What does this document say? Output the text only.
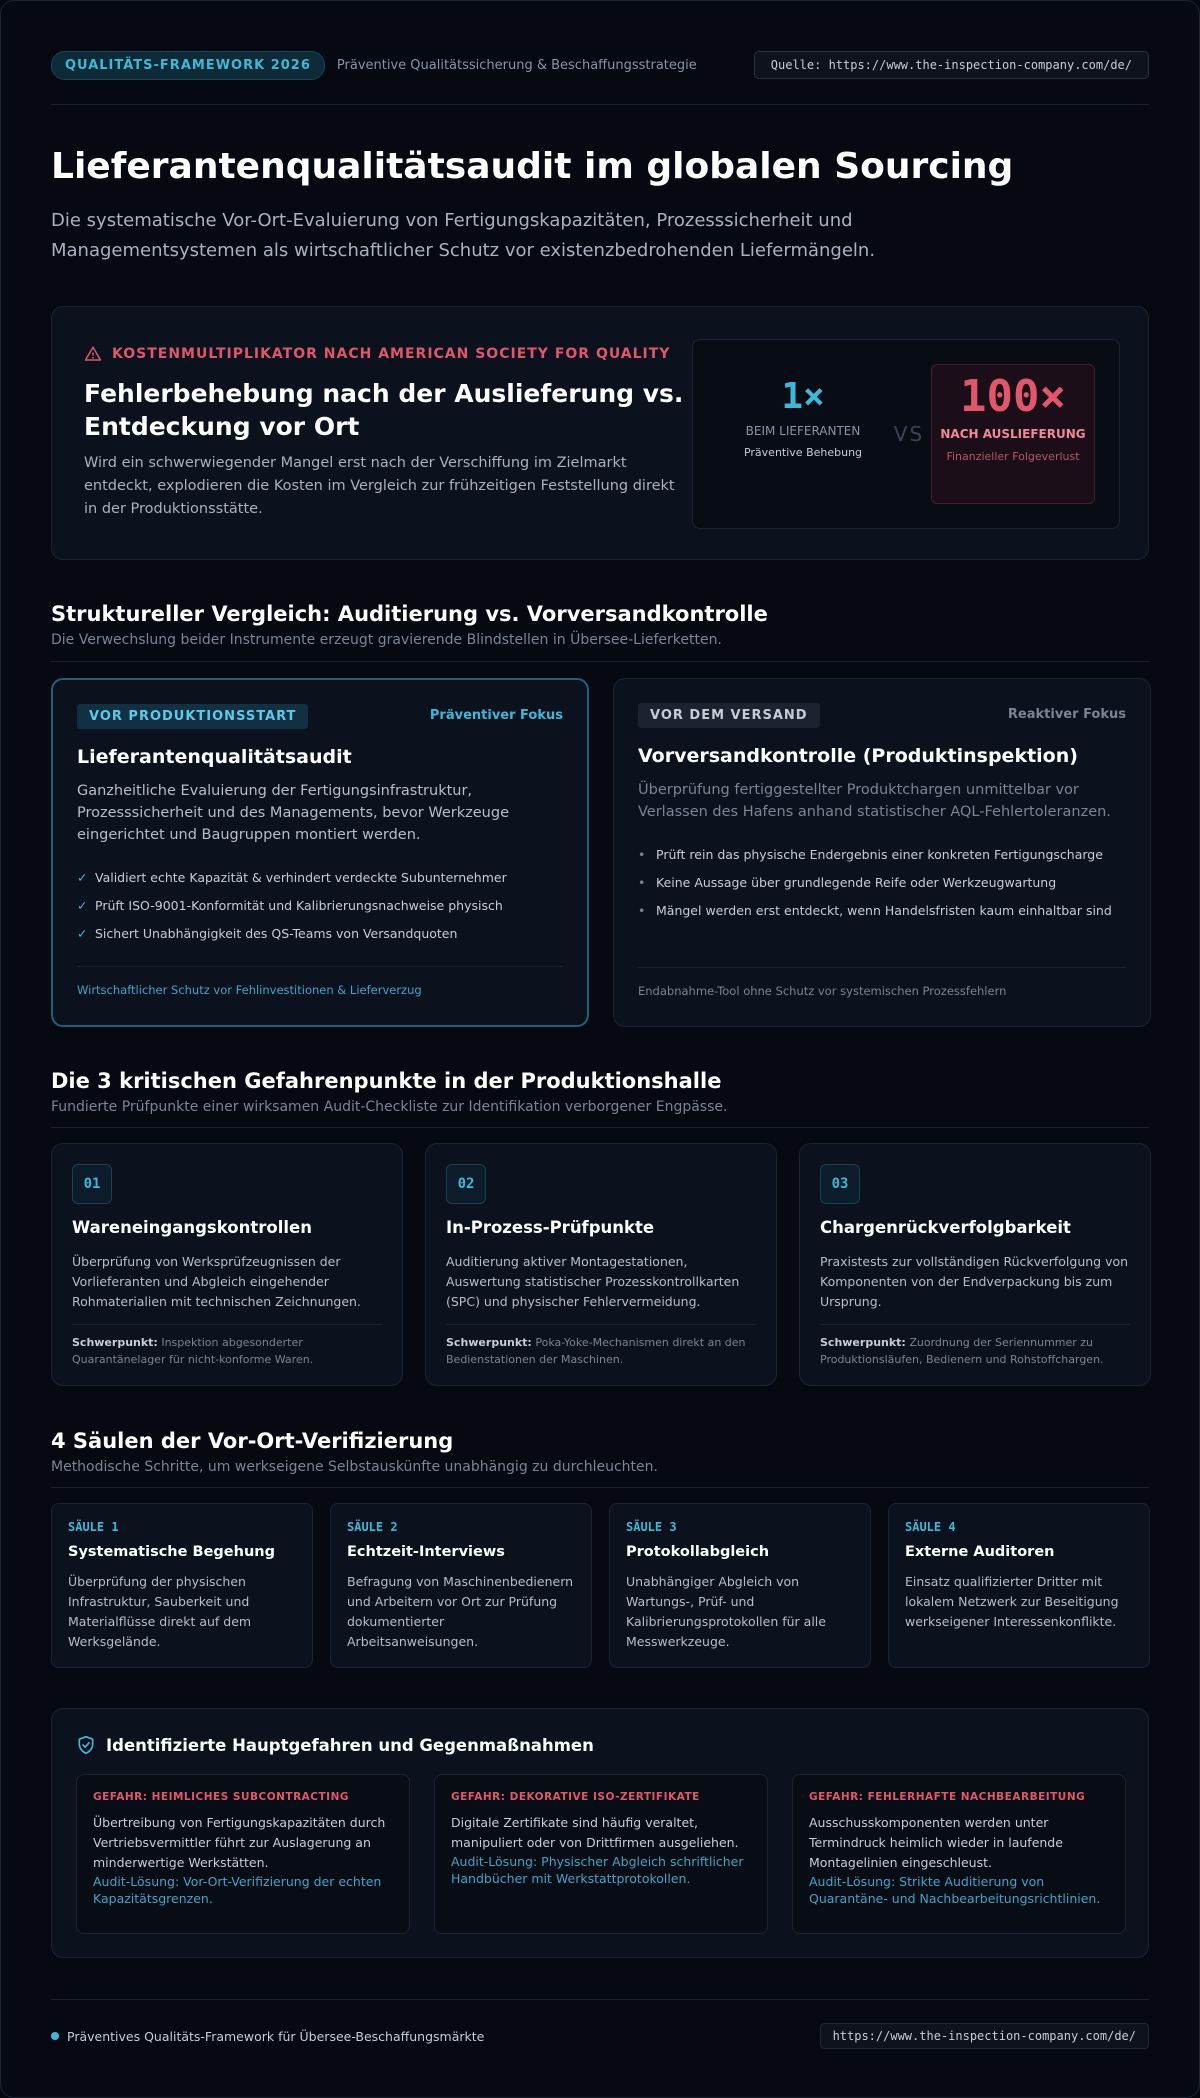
QUALITÄTS-FRAMEWORK 2026	Präventive Qualitätssicherung & Beschaffungsstrategie	Quelle: https://www.the-inspection-company.com/de/
Lieferantenqualitätsaudit im globalen Sourcing
Die systematische Vor-Ort-Evaluierung von Fertigungskapazitäten, Prozesssicherheit und Managementsystemen als wirtschaftlicher Schutz vor existenzbedrohenden Liefermängeln.
KOSTENMULTIPLIKATOR NACH AMERICAN SOCIETY FOR QUALITY
Fehlerbehebung nach der Auslieferung vs. Entdeckung vor Ort

Wird ein schwerwiegender Mangel erst nach der Verschiffung im Zielmarkt entdeckt, explodieren die Kosten im Vergleich zur frühzeitigen Feststellung direkt in der Produktionsstätte.

1×
BEIM LIEFERANTEN
Präventive Behebung
VS
100×
NACH AUSLIEFERUNG
Finanzieller Folgeverlust
Struktureller Vergleich: Auditierung vs. Vorversandkontrolle
Die Verwechslung beider Instrumente erzeugt gravierende Blindstellen in Übersee-Lieferketten.
VOR PRODUKTIONSSTART	Präventiver Fokus
Lieferantenqualitätsaudit
Ganzheitliche Evaluierung der Fertigungsinfrastruktur, Prozesssicherheit und des Managements, bevor Werkzeuge eingerichtet und Baugruppen montiert werden.
✓ Validiert echte Kapazität & verhindert verdeckte Subunternehmer
✓ Prüft ISO-9001-Konformität und Kalibrierungsnachweise physisch
✓ Sichert Unabhängigkeit des QS-Teams von Versandquoten
Wirtschaftlicher Schutz vor Fehlinvestitionen & Lieferverzug
VOR DEM VERSAND	Reaktiver Fokus
Vorversandkontrolle (Produktinspektion)
Überprüfung fertiggestellter Produktchargen unmittelbar vor Verlassen des Hafens anhand statistischer AQL-Fehlertoleranzen.
• Prüft rein das physische Endergebnis einer konkreten Fertigungscharge
• Keine Aussage über grundlegende Reife oder Werkzeugwartung
• Mängel werden erst entdeckt, wenn Handelsfristen kaum einhaltbar sind
Endabnahme-Tool ohne Schutz vor systemischen Prozessfehlern
Die 3 kritischen Gefahrenpunkte in der Produktionshalle
Fundierte Prüfpunkte einer wirksamen Audit-Checkliste zur Identifikation verborgener Engpässe.
01
Wareneingangskontrollen
Überprüfung von Werksprüfzeugnissen der Vorlieferanten und Abgleich eingehender Rohmaterialien mit technischen Zeichnungen.
Schwerpunkt: Inspektion abgesonderter Quarantänelager für nicht-konforme Waren.
02
In-Prozess-Prüfpunkte
Auditierung aktiver Montagestationen, Auswertung statistischer Prozesskontrollkarten (SPC) und physischer Fehlervermeidung.
Schwerpunkt: Poka-Yoke-Mechanismen direkt an den Bedienstationen der Maschinen.
03
Chargenrückverfolgbarkeit
Praxistests zur vollständigen Rückverfolgung von Komponenten von der Endverpackung bis zum Ursprung.
Schwerpunkt: Zuordnung der Seriennummer zu Produktionsläufen, Bedienern und Rohstoffchargen.
4 Säulen der Vor-Ort-Verifizierung
Methodische Schritte, um werkseigene Selbstauskünfte unabhängig zu durchleuchten.
SÄULE 1
Systematische Begehung
Überprüfung der physischen Infrastruktur, Sauberkeit und Materialflüsse direkt auf dem Werksgelände.
SÄULE 2
Echtzeit-Interviews
Befragung von Maschinenbedienern und Arbeitern vor Ort zur Prüfung dokumentierter Arbeitsanweisungen.
SÄULE 3
Protokollabgleich
Unabhängiger Abgleich von Wartungs-, Prüf- und Kalibrierungsprotokollen für alle Messwerkzeuge.
SÄULE 4
Externe Auditoren
Einsatz qualifizierter Dritter mit lokalem Netzwerk zur Beseitigung werkseigener Interessenkonflikte.
Identifizierte Hauptgefahren und Gegenmaßnahmen
GEFAHR: HEIMLICHES SUBCONTRACTING
Übertreibung von Fertigungskapazitäten durch Vertriebsvermittler führt zur Auslagerung an minderwertige Werkstätten.
Audit-Lösung: Vor-Ort-Verifizierung der echten Kapazitätsgrenzen.
GEFAHR: DEKORATIVE ISO-ZERTIFIKATE
Digitale Zertifikate sind häufig veraltet, manipuliert oder von Drittfirmen ausgeliehen.
Audit-Lösung: Physischer Abgleich schriftlicher Handbücher mit Werkstattprotokollen.
GEFAHR: FEHLERHAFTE NACHBEARBEITUNG
Ausschusskomponenten werden unter Termindruck heimlich wieder in laufende Montagelinien eingeschleust.
Audit-Lösung: Strikte Auditierung von Quarantäne- und Nachbearbeitungsrichtlinien.
Präventives Qualitäts-Framework für Übersee-Beschaffungsmärkte	https://www.the-inspection-company.com/de/
